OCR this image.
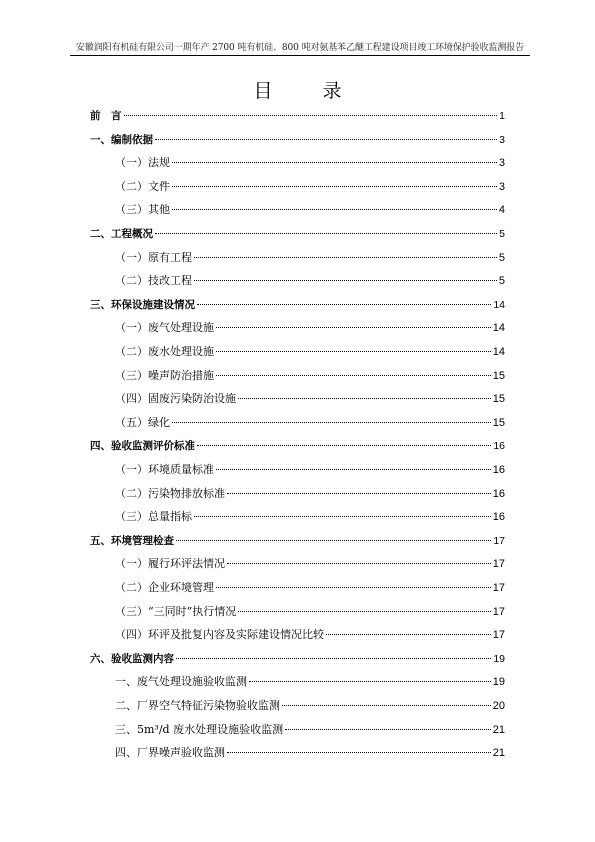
安徽润阳有机硅有限公司一期年产 2700 吨有机硅、800 吨对氨基苯乙醚工程建设项目竣工环境保护验收监测报告
目 录
前　言	1
一、编制依据	3
（一）法规	3
（二）文件	3
（三）其他	4
二、工程概况	5
（一）原有工程	5
（二）技改工程	5
三、环保设施建设情况	14
（一）废气处理设施	14
（二）废水处理设施	14
（三）噪声防治措施	15
（四）固废污染防治设施	15
（五）绿化	15
四、验收监测评价标准	16
（一）环境质量标准	16
（二）污染物排放标准	16
（三）总量指标	16
五、环境管理检查	17
（一）履行环评法情况	17
（二）企业环境管理	17
（三）“三同时”执行情况	17
（四）环评及批复内容及实际建设情况比较	17
六、验收监测内容	19
一、废气处理设施验收监测	19
二、厂界空气特征污染物验收监测	20
三、5m³/d 废水处理设施验收监测	21
四、厂界噪声验收监测	21
